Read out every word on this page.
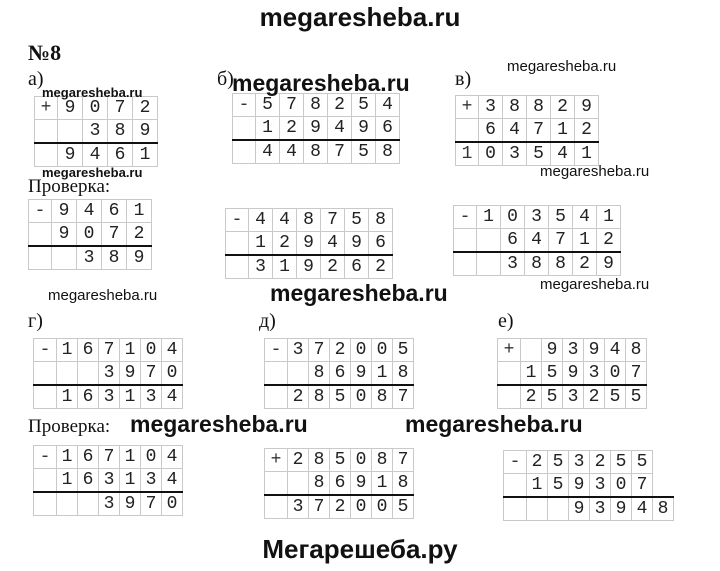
megaresheba.ru
№8
а)	б)	в)
г)	д)	е)
Проверка:
Проверка:
+	9	0	7	2
		3	8	9
	9	4	6	1
-	5	7	8	2	5	4
	1	2	9	4	9	6
	4	4	8	7	5	8
+	3	8	8	2	9
	6	4	7	1	2
1	0	3	5	4	1
-	9	4	6	1
	9	0	7	2
		3	8	9
-	4	4	8	7	5	8
	1	2	9	4	9	6
	3	1	9	2	6	2
-	1	0	3	5	4	1
		6	4	7	1	2
		3	8	8	2	9
-	1	6	7	1	0	4
			3	9	7	0
	1	6	3	1	3	4
-	3	7	2	0	0	5
		8	6	9	1	8
	2	8	5	0	8	7
+		9	3	9	4	8
	1	5	9	3	0	7
	2	5	3	2	5	5
-	1	6	7	1	0	4
	1	6	3	1	3	4
			3	9	7	0
+	2	8	5	0	8	7
		8	6	9	1	8
	3	7	2	0	0	5
-	2	5	3	2	5	5	
	1	5	9	3	0	7	
			9	3	9	4	8
megaresheba.ru	megaresheba.ru
megaresheba.ru
megaresheba.ru	megaresheba.ru
megaresheba.ru	megaresheba.ru	megaresheba.ru
megaresheba.ru	megaresheba.ru
Мегарешеба.ру
